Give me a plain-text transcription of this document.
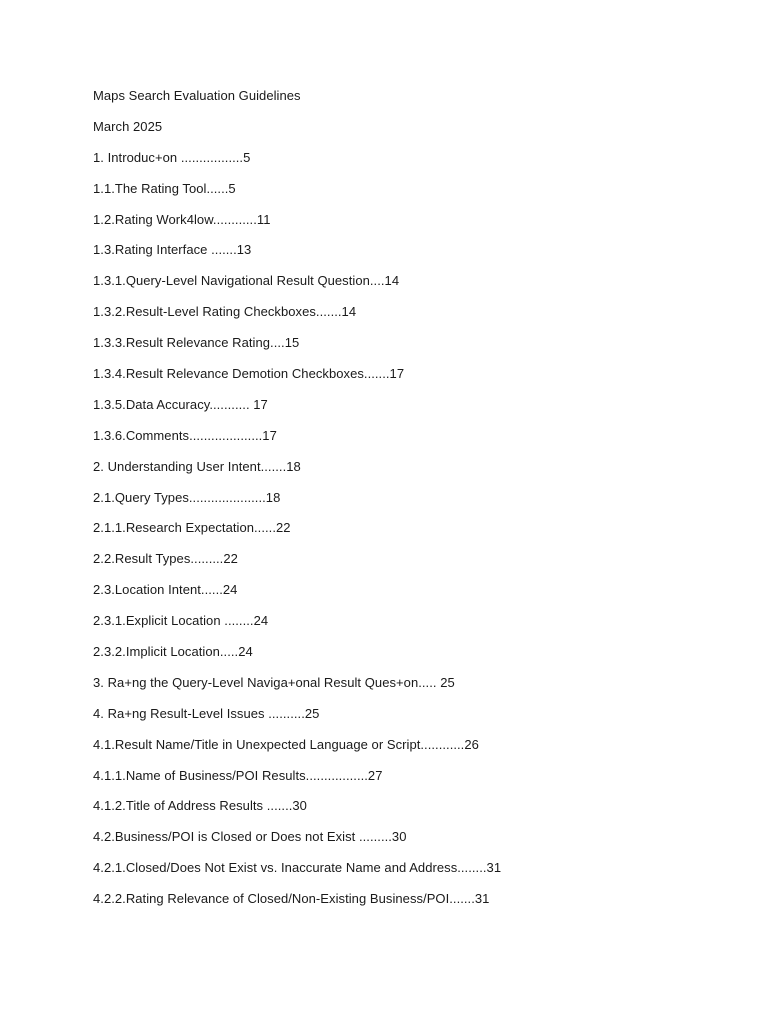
Maps Search Evaluation Guidelines
March 2025
1. Introduc+on .................5
1.1.The Rating Tool......5
1.2.Rating Work4low............11
1.3.Rating Interface .......13
1.3.1.Query-Level Navigational Result Question....14
1.3.2.Result-Level Rating Checkboxes.......14
1.3.3.Result Relevance Rating....15
1.3.4.Result Relevance Demotion Checkboxes.......17
1.3.5.Data Accuracy........... 17
1.3.6.Comments....................17
2. Understanding User Intent.......18
2.1.Query Types.....................18
2.1.1.Research Expectation......22
2.2.Result Types.........22
2.3.Location Intent......24
2.3.1.Explicit Location ........24
2.3.2.Implicit Location.....24
3. Ra+ng the Query-Level Naviga+onal Result Ques+on..... 25
4. Ra+ng Result-Level Issues ..........25
4.1.Result Name/Title in Unexpected Language or Script............26
4.1.1.Name of Business/POI Results.................27
4.1.2.Title of Address Results .......30
4.2.Business/POI is Closed or Does not Exist .........30
4.2.1.Closed/Does Not Exist vs. Inaccurate Name and Address........31
4.2.2.Rating Relevance of Closed/Non-Existing Business/POI.......31
